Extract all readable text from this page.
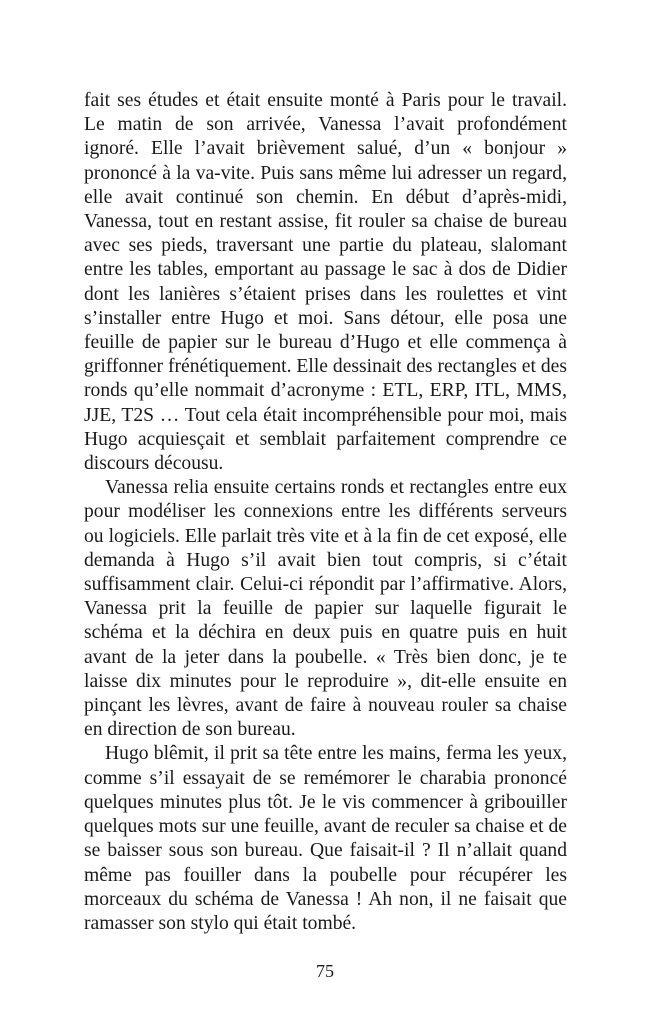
fait ses études et était ensuite monté à Paris pour le travail. Le matin de son arrivée, Vanessa l’avait profondément ignoré. Elle l’avait brièvement salué, d’un « bonjour » prononcé à la va-vite. Puis sans même lui adresser un regard, elle avait continué son chemin. En début d’après-midi, Vanessa, tout en restant assise, fit rouler sa chaise de bureau avec ses pieds, traversant une partie du plateau, slalomant entre les tables, emportant au passage le sac à dos de Didier dont les lanières s’étaient prises dans les roulettes et vint s’installer entre Hugo et moi. Sans détour, elle posa une feuille de papier sur le bureau d’Hugo et elle commença à griffonner frénétiquement. Elle dessinait des rectangles et des ronds qu’elle nommait d’acronyme : ETL, ERP, ITL, MMS, JJE, T2S … Tout cela était incompréhensible pour moi, mais Hugo acquiesçait et semblait parfaitement comprendre ce discours décousu.

Vanessa relia ensuite certains ronds et rectangles entre eux pour modéliser les connexions entre les différents serveurs ou logiciels. Elle parlait très vite et à la fin de cet exposé, elle demanda à Hugo s’il avait bien tout compris, si c’était suffisamment clair. Celui-ci répondit par l’affirmative. Alors, Vanessa prit la feuille de papier sur laquelle figurait le schéma et la déchira en deux puis en quatre puis en huit avant de la jeter dans la poubelle. « Très bien donc, je te laisse dix minutes pour le reproduire », dit-elle ensuite en pinçant les lèvres, avant de faire à nouveau rouler sa chaise en direction de son bureau.

Hugo blêmit, il prit sa tête entre les mains, ferma les yeux, comme s’il essayait de se remémorer le charabia prononcé quelques minutes plus tôt. Je le vis commencer à gribouiller quelques mots sur une feuille, avant de reculer sa chaise et de se baisser sous son bureau. Que faisait-il ? Il n’allait quand même pas fouiller dans la poubelle pour récupérer les morceaux du schéma de Vanessa ! Ah non, il ne faisait que ramasser son stylo qui était tombé.

75
